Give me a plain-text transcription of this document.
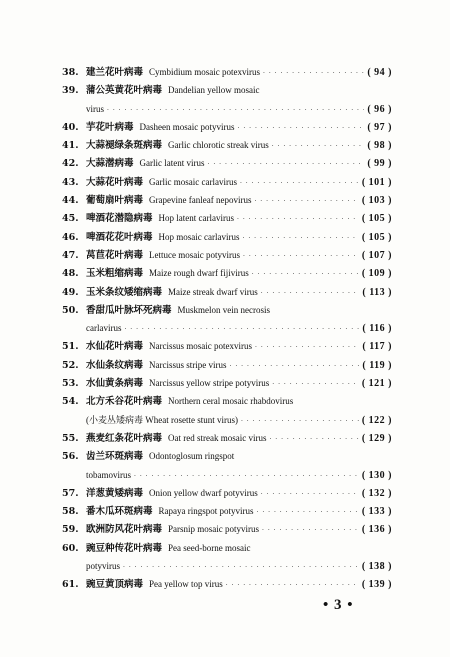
38. 建兰花叶病毒 Cymbidium mosaic potexvirus · · ·	( 94 )
39. 蒲公英黄花叶病毒 Dandelian yellow mosaic
virus · · ·	( 96 )
40. 芋花叶病毒 Dasheen mosaic potyvirus · · ·	( 97 )
41. 大蒜褪绿条斑病毒 Garlic chlorotic streak virus · · ·	( 98 )
42. 大蒜潜病毒 Garlic latent virus · · ·	( 99 )
43. 大蒜花叶病毒 Garlic mosaic carlavirus · · ·	( 101 )
44. 葡萄扇叶病毒 Grapevine fanleaf nepovirus · · ·	( 103 )
45. 啤酒花潜隐病毒 Hop latent carlavirus · · ·	( 105 )
46. 啤酒花花叶病毒 Hop mosaic carlavirus · · ·	( 105 )
47. 莴苣花叶病毒 Lettuce mosaic potyvirus · · ·	( 107 )
48. 玉米粗缩病毒 Maize rough dwarf fijivirus · · ·	( 109 )
49. 玉米条纹矮缩病毒 Maize streak dwarf virus · · ·	( 113 )
50. 香甜瓜叶脉坏死病毒 Muskmelon vein necrosis
carlavirus · · ·	( 116 )
51. 水仙花叶病毒 Narcissus mosaic potexvirus · · ·	( 117 )
52. 水仙条纹病毒 Narcissus stripe virus · · ·	( 119 )
53. 水仙黄条病毒 Narcissus yellow stripe potyvirus · · ·	( 121 )
54. 北方禾谷花叶病毒 Northern ceral mosaic rhabdovirus
(小麦丛矮病毒 Wheat rosette stunt virus) · · ·	( 122 )
55. 燕麦红条花叶病毒 Oat red streak mosaic virus · · ·	( 129 )
56. 齿兰环斑病毒 Odontoglosum ringspot
tobamovirus · · ·	( 130 )
57. 洋葱黄矮病毒 Onion yellow dwarf potyvirus · · ·	( 132 )
58. 番木瓜环斑病毒 Rapaya ringspot potyvirus · · ·	( 133 )
59. 欧洲防风花叶病毒 Parsnip mosaic potyvirus · · ·	( 136 )
60. 豌豆种传花叶病毒 Pea seed-borne mosaic
potyvirus · · ·	( 138 )
61. 豌豆黄顶病毒 Pea yellow top virus · · ·	( 139 )
• 3 •
